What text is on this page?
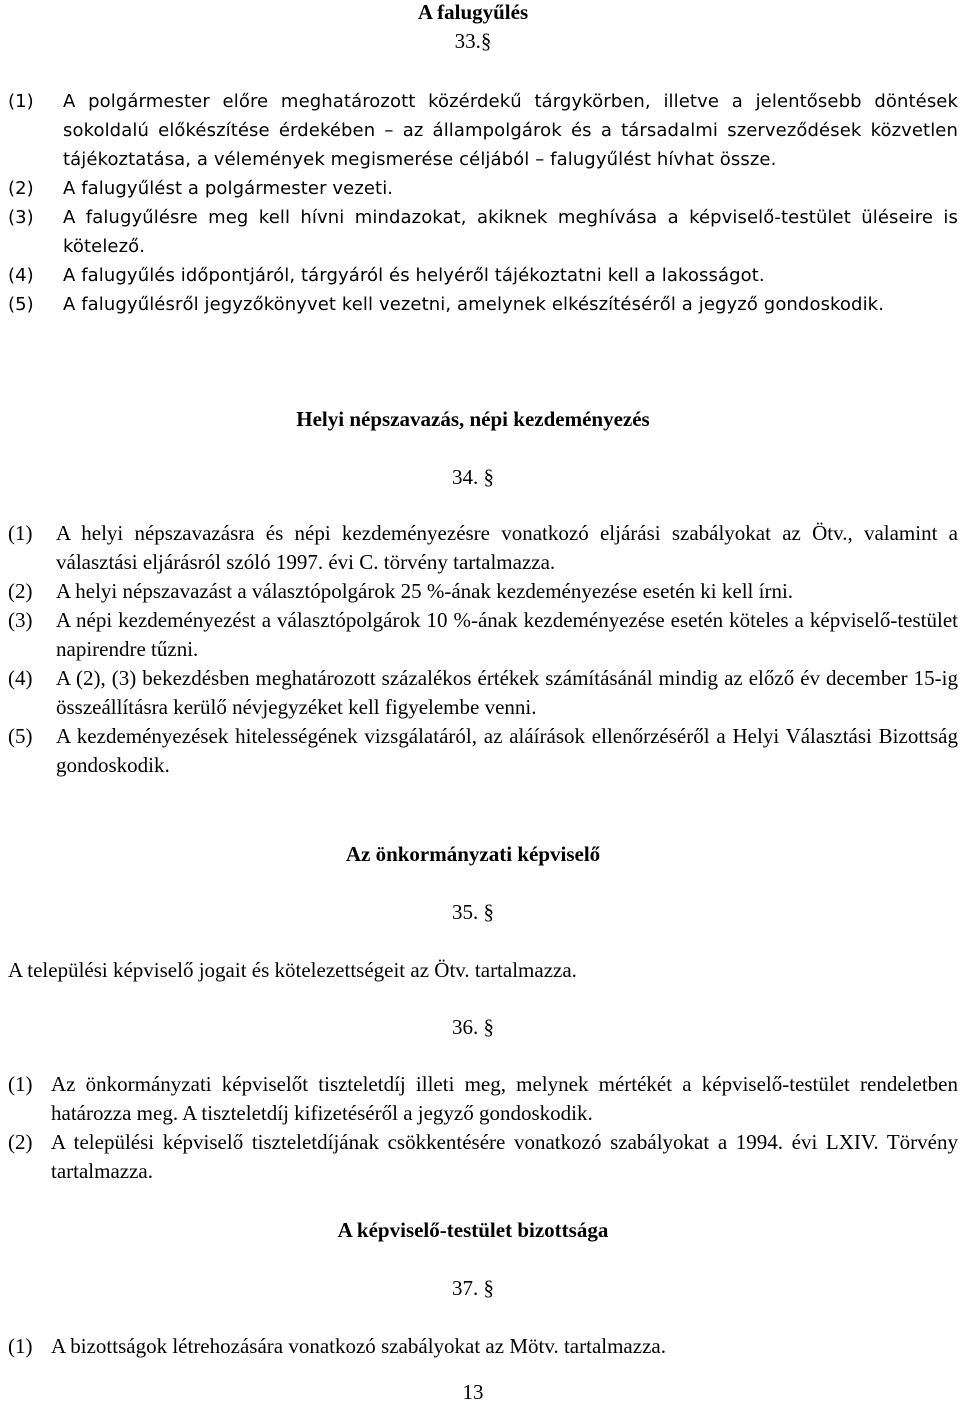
A falugyűlés
33.§
(1)	A polgármester előre meghatározott közérdekű tárgykörben, illetve a jelentősebb döntések sokoldalú előkészítése érdekében – az állampolgárok és a társadalmi szerveződések közvetlen tájékoztatása, a vélemények megismerése céljából – falugyűlést hívhat össze.
(2)	A falugyűlést a polgármester vezeti.
(3)	A falugyűlésre meg kell hívni mindazokat, akiknek meghívása a képviselő-testület üléseire is kötelező.
(4)	A falugyűlés időpontjáról, tárgyáról és helyéről tájékoztatni kell a lakosságot.
(5)	A falugyűlésről jegyzőkönyvet kell vezetni, amelynek elkészítéséről a jegyző gondoskodik.
Helyi népszavazás, népi kezdeményezés
34. §
(1)	A helyi népszavazásra és népi kezdeményezésre vonatkozó eljárási szabályokat az Ötv., valamint a választási eljárásról szóló 1997. évi C. törvény tartalmazza.
(2)	A helyi népszavazást a választópolgárok 25 %-ának kezdeményezése esetén ki kell írni.
(3)	A népi kezdeményezést a választópolgárok 10 %-ának kezdeményezése esetén köteles a képviselő-testület napirendre tűzni.
(4)	A (2), (3) bekezdésben meghatározott százalékos értékek számításánál mindig az előző év december 15-ig összeállításra kerülő névjegyzéket kell figyelembe venni.
(5)	A kezdeményezések hitelességének vizsgálatáról, az aláírások ellenőrzéséről a Helyi Választási Bizottság gondoskodik.
Az önkormányzati képviselő
35. §
A települési képviselő jogait és kötelezettségeit az Ötv. tartalmazza.
36. §
(1) Az önkormányzati képviselőt tiszteletdíj illeti meg, melynek mértékét a képviselő-testület rendeletben határozza meg. A tiszteletdíj kifizetéséről a jegyző gondoskodik.
(2) A települési képviselő tiszteletdíjának csökkentésére vonatkozó szabályokat a 1994. évi LXIV. Törvény tartalmazza.
A képviselő-testület bizottsága
37. §
(1) A bizottságok létrehozására vonatkozó szabályokat az Mötv. tartalmazza.
13
